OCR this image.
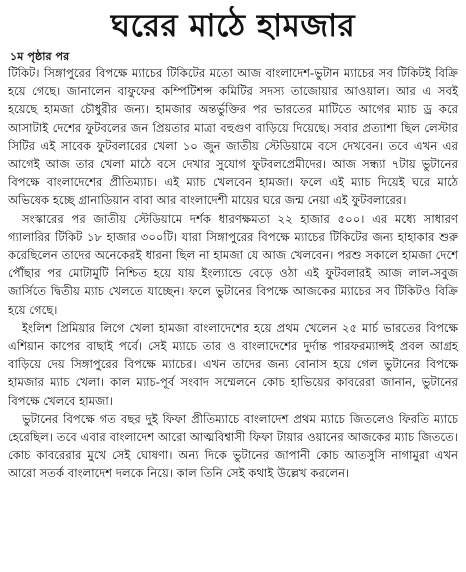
ঘরের মাঠে হামজার
১ম পৃষ্ঠার পর

টিকিট। সিঙ্গাপুরের বিপক্ষে ম্যাচের টিকিটের মতো আজ বাংলাদেশ-ভুটান ম্যাচের সব টিকিটই বিক্রি হয়ে গেছে। জানালেন বাফুফের কম্পিটিশন্স কমিটির সদস্য তাজোয়ার আওয়াল। আর এ সবই হয়েছে হামজা চৌধুরীর জন্য। হামজার অন্তর্ভুক্তির পর ভারতের মাটিতে আগের ম্যাচ ড্র করে আসাটাই দেশের ফুটবলের জন প্রিয়তার মাত্রা বহুগুণ বাড়িয়ে দিয়েছে। সবার প্রত্যাশা ছিল লেস্টার সিটির এই সাবেক ফুটবলারের খেলা ১০ জুন জাতীয় স্টেডিয়ামে বসে দেখবেন। তবে এখন এর আগেই আজ তার খেলা মাঠে বসে দেখার সুযোগ ফুটবলপ্রেমীদের। আজ সন্ধ্যা ৭টায় ভুটানের বিপক্ষে বাংলাদেশের প্রীতিম্যাচ। এই ম্যাচ খেলবেন হামজা। ফলে এই ম্যাচ দিয়েই ঘরে মাঠে অভিষেক হচ্ছে গ্রানাডিয়ান বাবা আর বাংলাদেশী মায়ের ঘরে জন্ম নেয়া এই ফুটবলারের।

সংস্কারের পর জাতীয় স্টেডিয়ামে দর্শক ধারণক্ষমতা ২২ হাজার ৫০০। এর মধ্যে সাধারণ গ্যালারির টিকিট ১৮ হাজার ৩০০টি। যারা সিঙ্গাপুরের বিপক্ষে ম্যাচের টিকিটের জন্য হাহাকার শুরু করেছিলেন তাদের অনেকেরই ধারনা ছিল না হামজা যে আজ খেলবেন। পরশু সকালে হামজা দেশে পৌঁছার পর মোটামুটি নিশ্চিত হয়ে যায় ইংল্যান্ডে বেড়ে ওঠা এই ফুটবলারই আজ লাল-সবুজ জার্সিতে দ্বিতীয় ম্যাচ খেলতে যাচ্ছেন। ফলে ভুটানের বিপক্ষে আজকের ম্যাচের সব টিকিটও বিক্রি হয়ে গেছে।

ইংলিশ প্রিমিয়ার লিগে খেলা হামজা বাংলাদেশের হয়ে প্রথম খেলেন ২৫ মার্চ ভারতের বিপক্ষে এশিয়ান কাপের বাছাই পর্বে। সেই ম্যাচে তার ও বাংলাদেশের দুর্দান্ত পারফরম্যান্সই প্রবল আগ্রহ বাড়িয়ে দেয় সিঙ্গাপুরের বিপক্ষে ম্যাচের। এখন তাদের জন্য বোনাস হয়ে গেল ভুটানের বিপক্ষে হামজার ম্যাচ খেলা। কাল ম্যাচ-পূর্ব সংবাদ সম্মেলনে কোচ হাভিয়ের কাবরেরা জানান, ভুটানের বিপক্ষে খেলবে হামজা।

ভুটানের বিপক্ষে গত বছর দুই ফিফা প্রীতিম্যাচে বাংলাদেশ প্রথম ম্যাচে জিতলেও ফিরতি ম্যাচে হেরেছিল। তবে এবার বাংলাদেশ আরো আত্মবিশ্বাসী ফিফা টায়ার ওয়ানের আজকের ম্যাচ জিততে। কোচ কাবরেরার মুখে সেই ঘোষণা। অন্য দিকে ভুটানের জাপানী কোচ আতসুসি নাগামুরা এখন আরো সতর্ক বাংলাদেশ দলকে নিয়ে। কাল তিনি সেই কথাই উল্লেখ করলেন।
